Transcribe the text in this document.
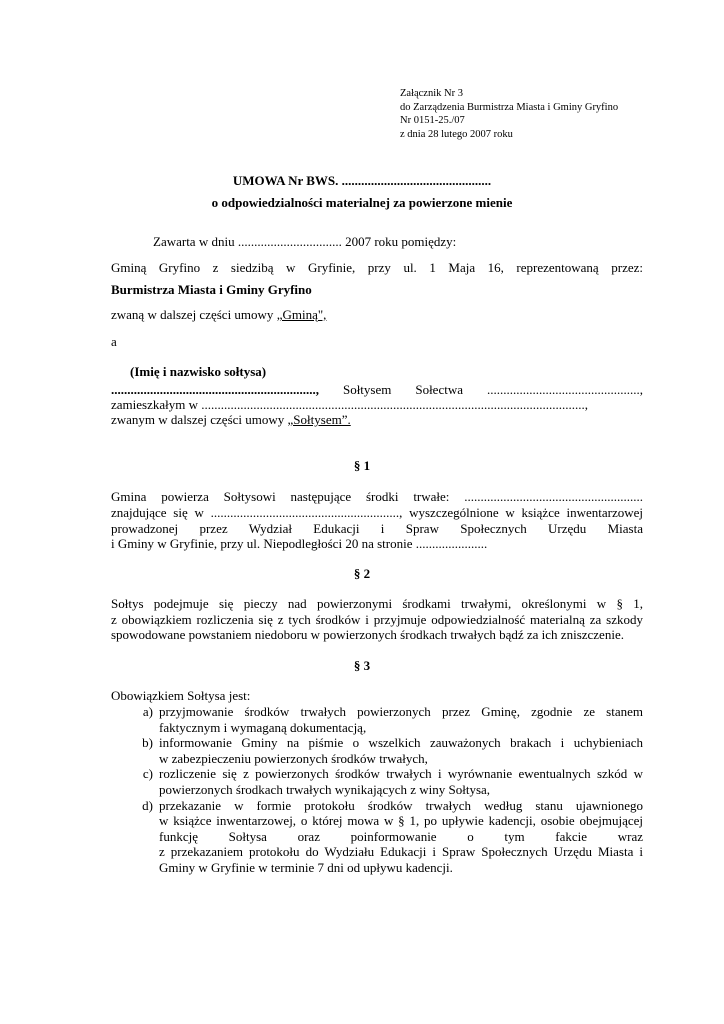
Załącznik Nr 3
do Zarządzenia Burmistrza Miasta i Gminy Gryfino
Nr 0151-25./07
z dnia 28 lutego 2007 roku
UMOWA Nr BWS. ..............................................
o odpowiedzialności materialnej za powierzone mienie
Zawarta w dniu ................................ 2007 roku pomiędzy:
Gminą Gryfino z siedzibą w Gryfinie, przy ul. 1 Maja 16, reprezentowaną przez:
Burmistrza Miasta i Gminy Gryfino
zwaną w dalszej części umowy „Gminą",
a
(Imię i nazwisko sołtysa)
..............................................................., Sołtysem Sołectwa ...............................................,
zamieszkałym w ......................................................................................................................,
zwanym w dalszej części umowy „Sołtysem”.
§ 1
Gmina powierza Sołtysowi następujące środki trwałe: .......................................................
znajdujące się w .........................................................., wyszczególnione w książce inwentarzowej
prowadzonej przez Wydział Edukacji i Spraw Społecznych Urzędu Miasta
i Gminy w Gryfinie, przy ul. Niepodległości 20 na stronie ......................
§ 2
Sołtys podejmuje się pieczy nad powierzonymi środkami trwałymi, określonymi w § 1,
z obowiązkiem rozliczenia się z tych środków i przyjmuje odpowiedzialność materialną za szkody
spowodowane powstaniem niedoboru w powierzonych środkach trwałych bądź za ich zniszczenie.
§ 3
Obowiązkiem Sołtysa jest:
a) przyjmowanie środków trwałych powierzonych przez Gminę, zgodnie ze stanem
faktycznym i wymaganą dokumentacją,
b) informowanie Gminy na piśmie o wszelkich zauważonych brakach i uchybieniach
w zabezpieczeniu powierzonych środków trwałych,
c) rozliczenie się z powierzonych środków trwałych i wyrównanie ewentualnych szkód w
powierzonych środkach trwałych wynikających z winy Sołtysa,
d) przekazanie w formie protokołu środków trwałych według stanu ujawnionego
w książce inwentarzowej, o której mowa w § 1, po upływie kadencji, osobie obejmującej
funkcję Sołtysa oraz poinformowanie o tym fakcie wraz
z przekazaniem protokołu do Wydziału Edukacji i Spraw Społecznych Urzędu Miasta i
Gminy w Gryfinie w terminie 7 dni od upływu kadencji.
